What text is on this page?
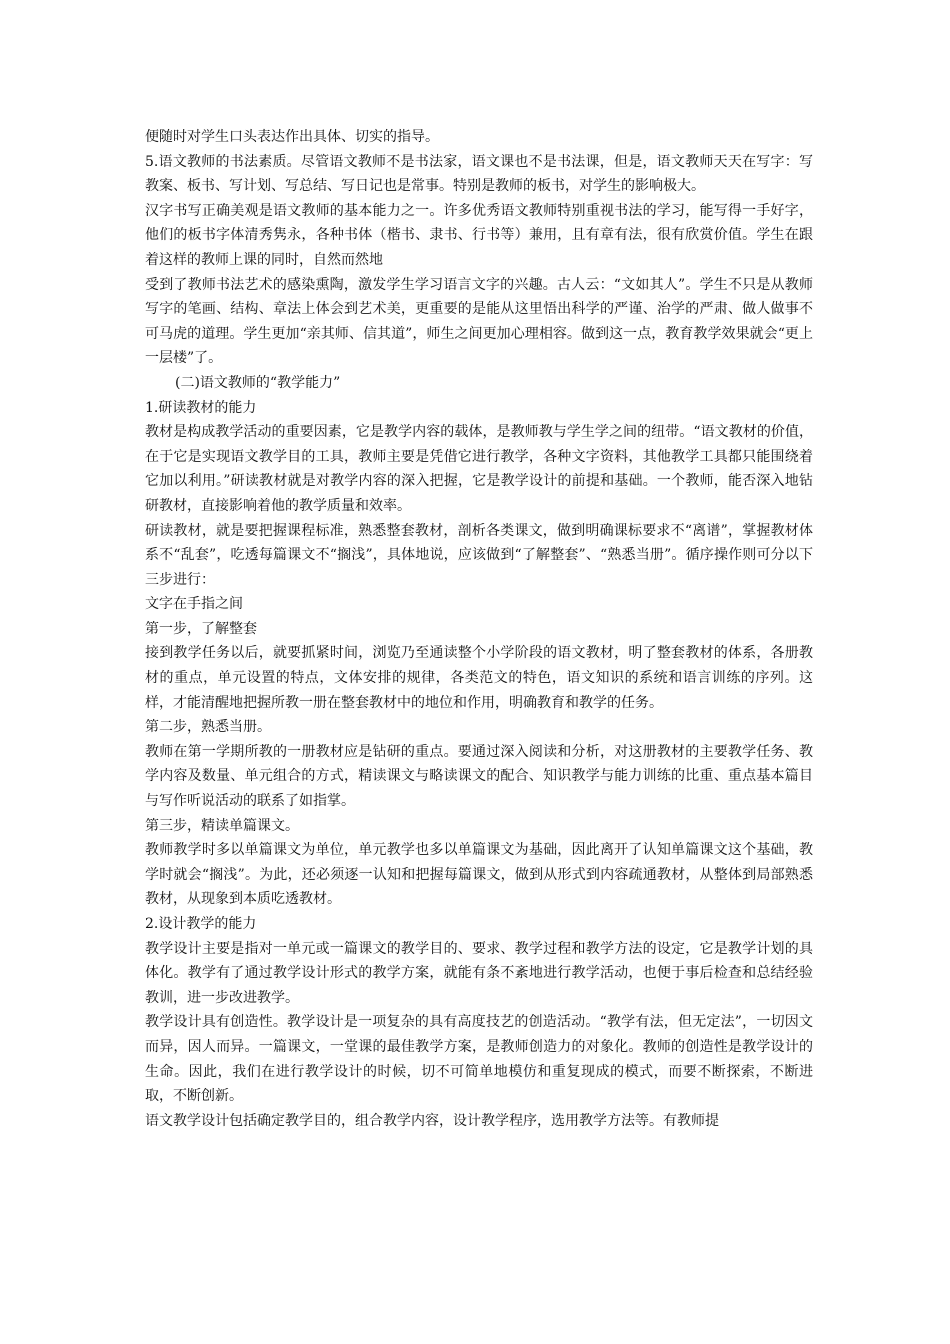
便随时对学生口头表达作出具体、切实的指导。

5.语文教师的书法素质。尽管语文教师不是书法家，语文课也不是书法课，但是，语文教师天天在写字：写教案、板书、写计划、写总结、写日记也是常事。特别是教师的板书，对学生的影响极大。

汉字书写正确美观是语文教师的基本能力之一。许多优秀语文教师特别重视书法的学习，能写得一手好字，他们的板书字体清秀隽永，各种书体（楷书、隶书、行书等）兼用，且有章有法，很有欣赏价值。学生在跟着这样的教师上课的同时，自然而然地

受到了教师书法艺术的感染熏陶，激发学生学习语言文字的兴趣。古人云：“文如其人”。学生不只是从教师写字的笔画、结构、章法上体会到艺术美，更重要的是能从这里悟出科学的严谨、治学的严肃、做人做事不可马虎的道理。学生更加“亲其师、信其道”，师生之间更加心理相容。做到这一点，教育教学效果就会“更上一层楼”了。

(二)语文教师的“教学能力”

1.研读教材的能力

教材是构成教学活动的重要因素，它是教学内容的载体，是教师教与学生学之间的纽带。“语文教材的价值，在于它是实现语文教学目的工具，教师主要是凭借它进行教学，各种文字资料，其他教学工具都只能围绕着它加以利用。”研读教材就是对教学内容的深入把握，它是教学设计的前提和基础。一个教师，能否深入地钻研教材，直接影响着他的教学质量和效率。

研读教材，就是要把握课程标准，熟悉整套教材，剖析各类课文，做到明确课标要求不“离谱”，掌握教材体系不“乱套”，吃透每篇课文不“搁浅”，具体地说，应该做到“了解整套”、“熟悉当册”。循序操作则可分以下三步进行：

文字在手指之间

第一步，了解整套

接到教学任务以后，就要抓紧时间，浏览乃至通读整个小学阶段的语文教材，明了整套教材的体系，各册教材的重点，单元设置的特点，文体安排的规律，各类范文的特色，语文知识的系统和语言训练的序列。这样，才能清醒地把握所教一册在整套教材中的地位和作用，明确教育和教学的任务。

第二步，熟悉当册。

教师在第一学期所教的一册教材应是钻研的重点。要通过深入阅读和分析，对这册教材的主要教学任务、教学内容及数量、单元组合的方式，精读课文与略读课文的配合、知识教学与能力训练的比重、重点基本篇目与写作听说活动的联系了如指掌。

第三步，精读单篇课文。

教师教学时多以单篇课文为单位，单元教学也多以单篇课文为基础，因此离开了认知单篇课文这个基础，教学时就会“搁浅”。为此，还必须逐一认知和把握每篇课文，做到从形式到内容疏通教材，从整体到局部熟悉教材，从现象到本质吃透教材。

2.设计教学的能力

教学设计主要是指对一单元或一篇课文的教学目的、要求、教学过程和教学方法的设定，它是教学计划的具体化。教学有了通过教学设计形式的教学方案，就能有条不紊地进行教学活动，也便于事后检查和总结经验教训，进一步改进教学。

教学设计具有创造性。教学设计是一项复杂的具有高度技艺的创造活动。“教学有法，但无定法”，一切因文而异，因人而异。一篇课文，一堂课的最佳教学方案，是教师创造力的对象化。教师的创造性是教学设计的生命。因此，我们在进行教学设计的时候，切不可简单地模仿和重复现成的模式，而要不断探索，不断进取，不断创新。

语文教学设计包括确定教学目的，组合教学内容，设计教学程序，选用教学方法等。有教师提
